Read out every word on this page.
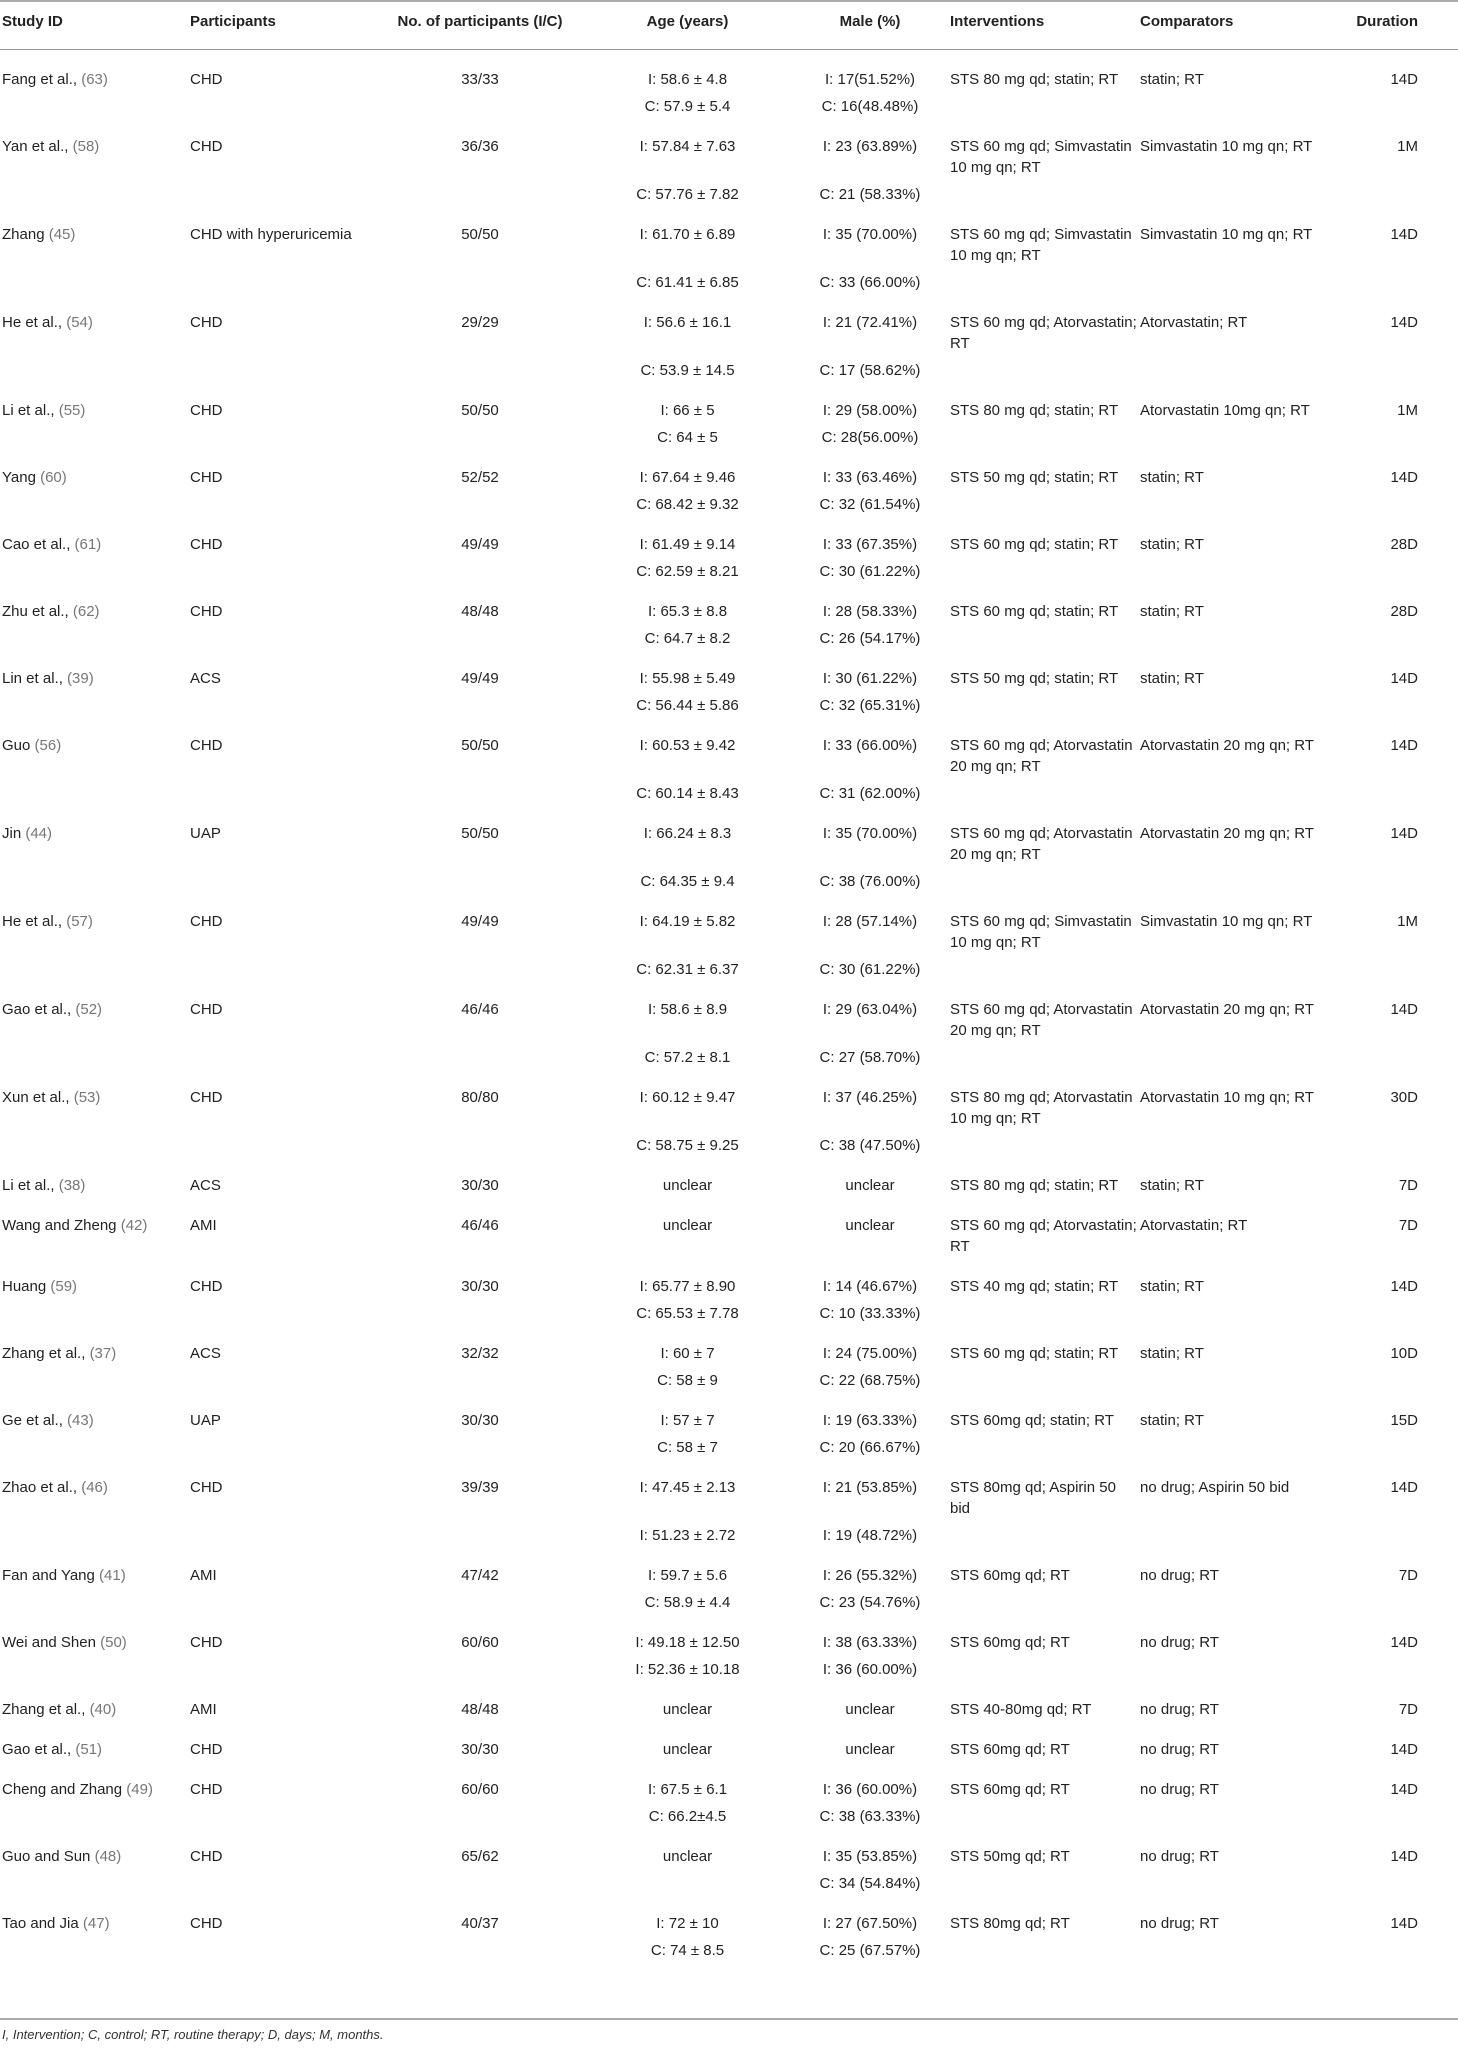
Study ID	Participants	No. of participants (I/C)	Age (years)	Male (%)	Interventions	Comparators	Duration
Fang et al., (63)	CHD	33/33	I: 58.6 ± 4.8	I: 17(51.52%)	STS 80 mg qd; statin; RT	statin; RT	14D
			C: 57.9 ± 5.4	C: 16(48.48%)			
Yan et al., (58)	CHD	36/36	I: 57.84 ± 7.63	I: 23 (63.89%)	STS 60 mg qd; Simvastatin 10 mg qn; RT	Simvastatin 10 mg qn; RT	1M
			C: 57.76 ± 7.82	C: 21 (58.33%)			
Zhang (45)	CHD with hyperuricemia	50/50	I: 61.70 ± 6.89	I: 35 (70.00%)	STS 60 mg qd; Simvastatin 10 mg qn; RT	Simvastatin 10 mg qn; RT	14D
			C: 61.41 ± 6.85	C: 33 (66.00%)			
He et al., (54)	CHD	29/29	I: 56.6 ± 16.1	I: 21 (72.41%)	STS 60 mg qd; Atorvastatin; RT	Atorvastatin; RT	14D
			C: 53.9 ± 14.5	C: 17 (58.62%)			
Li et al., (55)	CHD	50/50	I: 66 ± 5	I: 29 (58.00%)	STS 80 mg qd; statin; RT	Atorvastatin 10mg qn; RT	1M
			C: 64 ± 5	C: 28(56.00%)			
Yang (60)	CHD	52/52	I: 67.64 ± 9.46	I: 33 (63.46%)	STS 50 mg qd; statin; RT	statin; RT	14D
			C: 68.42 ± 9.32	C: 32 (61.54%)			
Cao et al., (61)	CHD	49/49	I: 61.49 ± 9.14	I: 33 (67.35%)	STS 60 mg qd; statin; RT	statin; RT	28D
			C: 62.59 ± 8.21	C: 30 (61.22%)			
Zhu et al., (62)	CHD	48/48	I: 65.3 ± 8.8	I: 28 (58.33%)	STS 60 mg qd; statin; RT	statin; RT	28D
			C: 64.7 ± 8.2	C: 26 (54.17%)			
Lin et al., (39)	ACS	49/49	I: 55.98 ± 5.49	I: 30 (61.22%)	STS 50 mg qd; statin; RT	statin; RT	14D
			C: 56.44 ± 5.86	C: 32 (65.31%)			
Guo (56)	CHD	50/50	I: 60.53 ± 9.42	I: 33 (66.00%)	STS 60 mg qd; Atorvastatin 20 mg qn; RT	Atorvastatin 20 mg qn; RT	14D
			C: 60.14 ± 8.43	C: 31 (62.00%)			
Jin (44)	UAP	50/50	I: 66.24 ± 8.3	I: 35 (70.00%)	STS 60 mg qd; Atorvastatin 20 mg qn; RT	Atorvastatin 20 mg qn; RT	14D
			C: 64.35 ± 9.4	C: 38 (76.00%)			
He et al., (57)	CHD	49/49	I: 64.19 ± 5.82	I: 28 (57.14%)	STS 60 mg qd; Simvastatin 10 mg qn; RT	Simvastatin 10 mg qn; RT	1M
			C: 62.31 ± 6.37	C: 30 (61.22%)			
Gao et al., (52)	CHD	46/46	I: 58.6 ± 8.9	I: 29 (63.04%)	STS 60 mg qd; Atorvastatin 20 mg qn; RT	Atorvastatin 20 mg qn; RT	14D
			C: 57.2 ± 8.1	C: 27 (58.70%)			
Xun et al., (53)	CHD	80/80	I: 60.12 ± 9.47	I: 37 (46.25%)	STS 80 mg qd; Atorvastatin 10 mg qn; RT	Atorvastatin 10 mg qn; RT	30D
			C: 58.75 ± 9.25	C: 38 (47.50%)			
Li et al., (38)	ACS	30/30	unclear	unclear	STS 80 mg qd; statin; RT	statin; RT	7D
Wang and Zheng (42)	AMI	46/46	unclear	unclear	STS 60 mg qd; Atorvastatin; RT	Atorvastatin; RT	7D
Huang (59)	CHD	30/30	I: 65.77 ± 8.90	I: 14 (46.67%)	STS 40 mg qd; statin; RT	statin; RT	14D
			C: 65.53 ± 7.78	C: 10 (33.33%)			
Zhang et al., (37)	ACS	32/32	I: 60 ± 7	I: 24 (75.00%)	STS 60 mg qd; statin; RT	statin; RT	10D
			C: 58 ± 9	C: 22 (68.75%)			
Ge et al., (43)	UAP	30/30	I: 57 ± 7	I: 19 (63.33%)	STS 60mg qd; statin; RT	statin; RT	15D
			C: 58 ± 7	C: 20 (66.67%)			
Zhao et al., (46)	CHD	39/39	I: 47.45 ± 2.13	I: 21 (53.85%)	STS 80mg qd; Aspirin 50 bid	no drug; Aspirin 50 bid	14D
			I: 51.23 ± 2.72	I: 19 (48.72%)			
Fan and Yang (41)	AMI	47/42	I: 59.7 ± 5.6	I: 26 (55.32%)	STS 60mg qd; RT	no drug; RT	7D
			C: 58.9 ± 4.4	C: 23 (54.76%)			
Wei and Shen (50)	CHD	60/60	I: 49.18 ± 12.50	I: 38 (63.33%)	STS 60mg qd; RT	no drug; RT	14D
			I: 52.36 ± 10.18	I: 36 (60.00%)			
Zhang et al., (40)	AMI	48/48	unclear	unclear	STS 40-80mg qd; RT	no drug; RT	7D
Gao et al., (51)	CHD	30/30	unclear	unclear	STS 60mg qd; RT	no drug; RT	14D
Cheng and Zhang (49)	CHD	60/60	I: 67.5 ± 6.1	I: 36 (60.00%)	STS 60mg qd; RT	no drug; RT	14D
			C: 66.2±4.5	C: 38 (63.33%)			
Guo and Sun (48)	CHD	65/62	unclear	I: 35 (53.85%)	STS 50mg qd; RT	no drug; RT	14D
				C: 34 (54.84%)			
Tao and Jia (47)	CHD	40/37	I: 72 ± 10	I: 27 (67.50%)	STS 80mg qd; RT	no drug; RT	14D
			C: 74 ± 8.5	C: 25 (67.57%)			
I, Intervention; C, control; RT, routine therapy; D, days; M, months.
